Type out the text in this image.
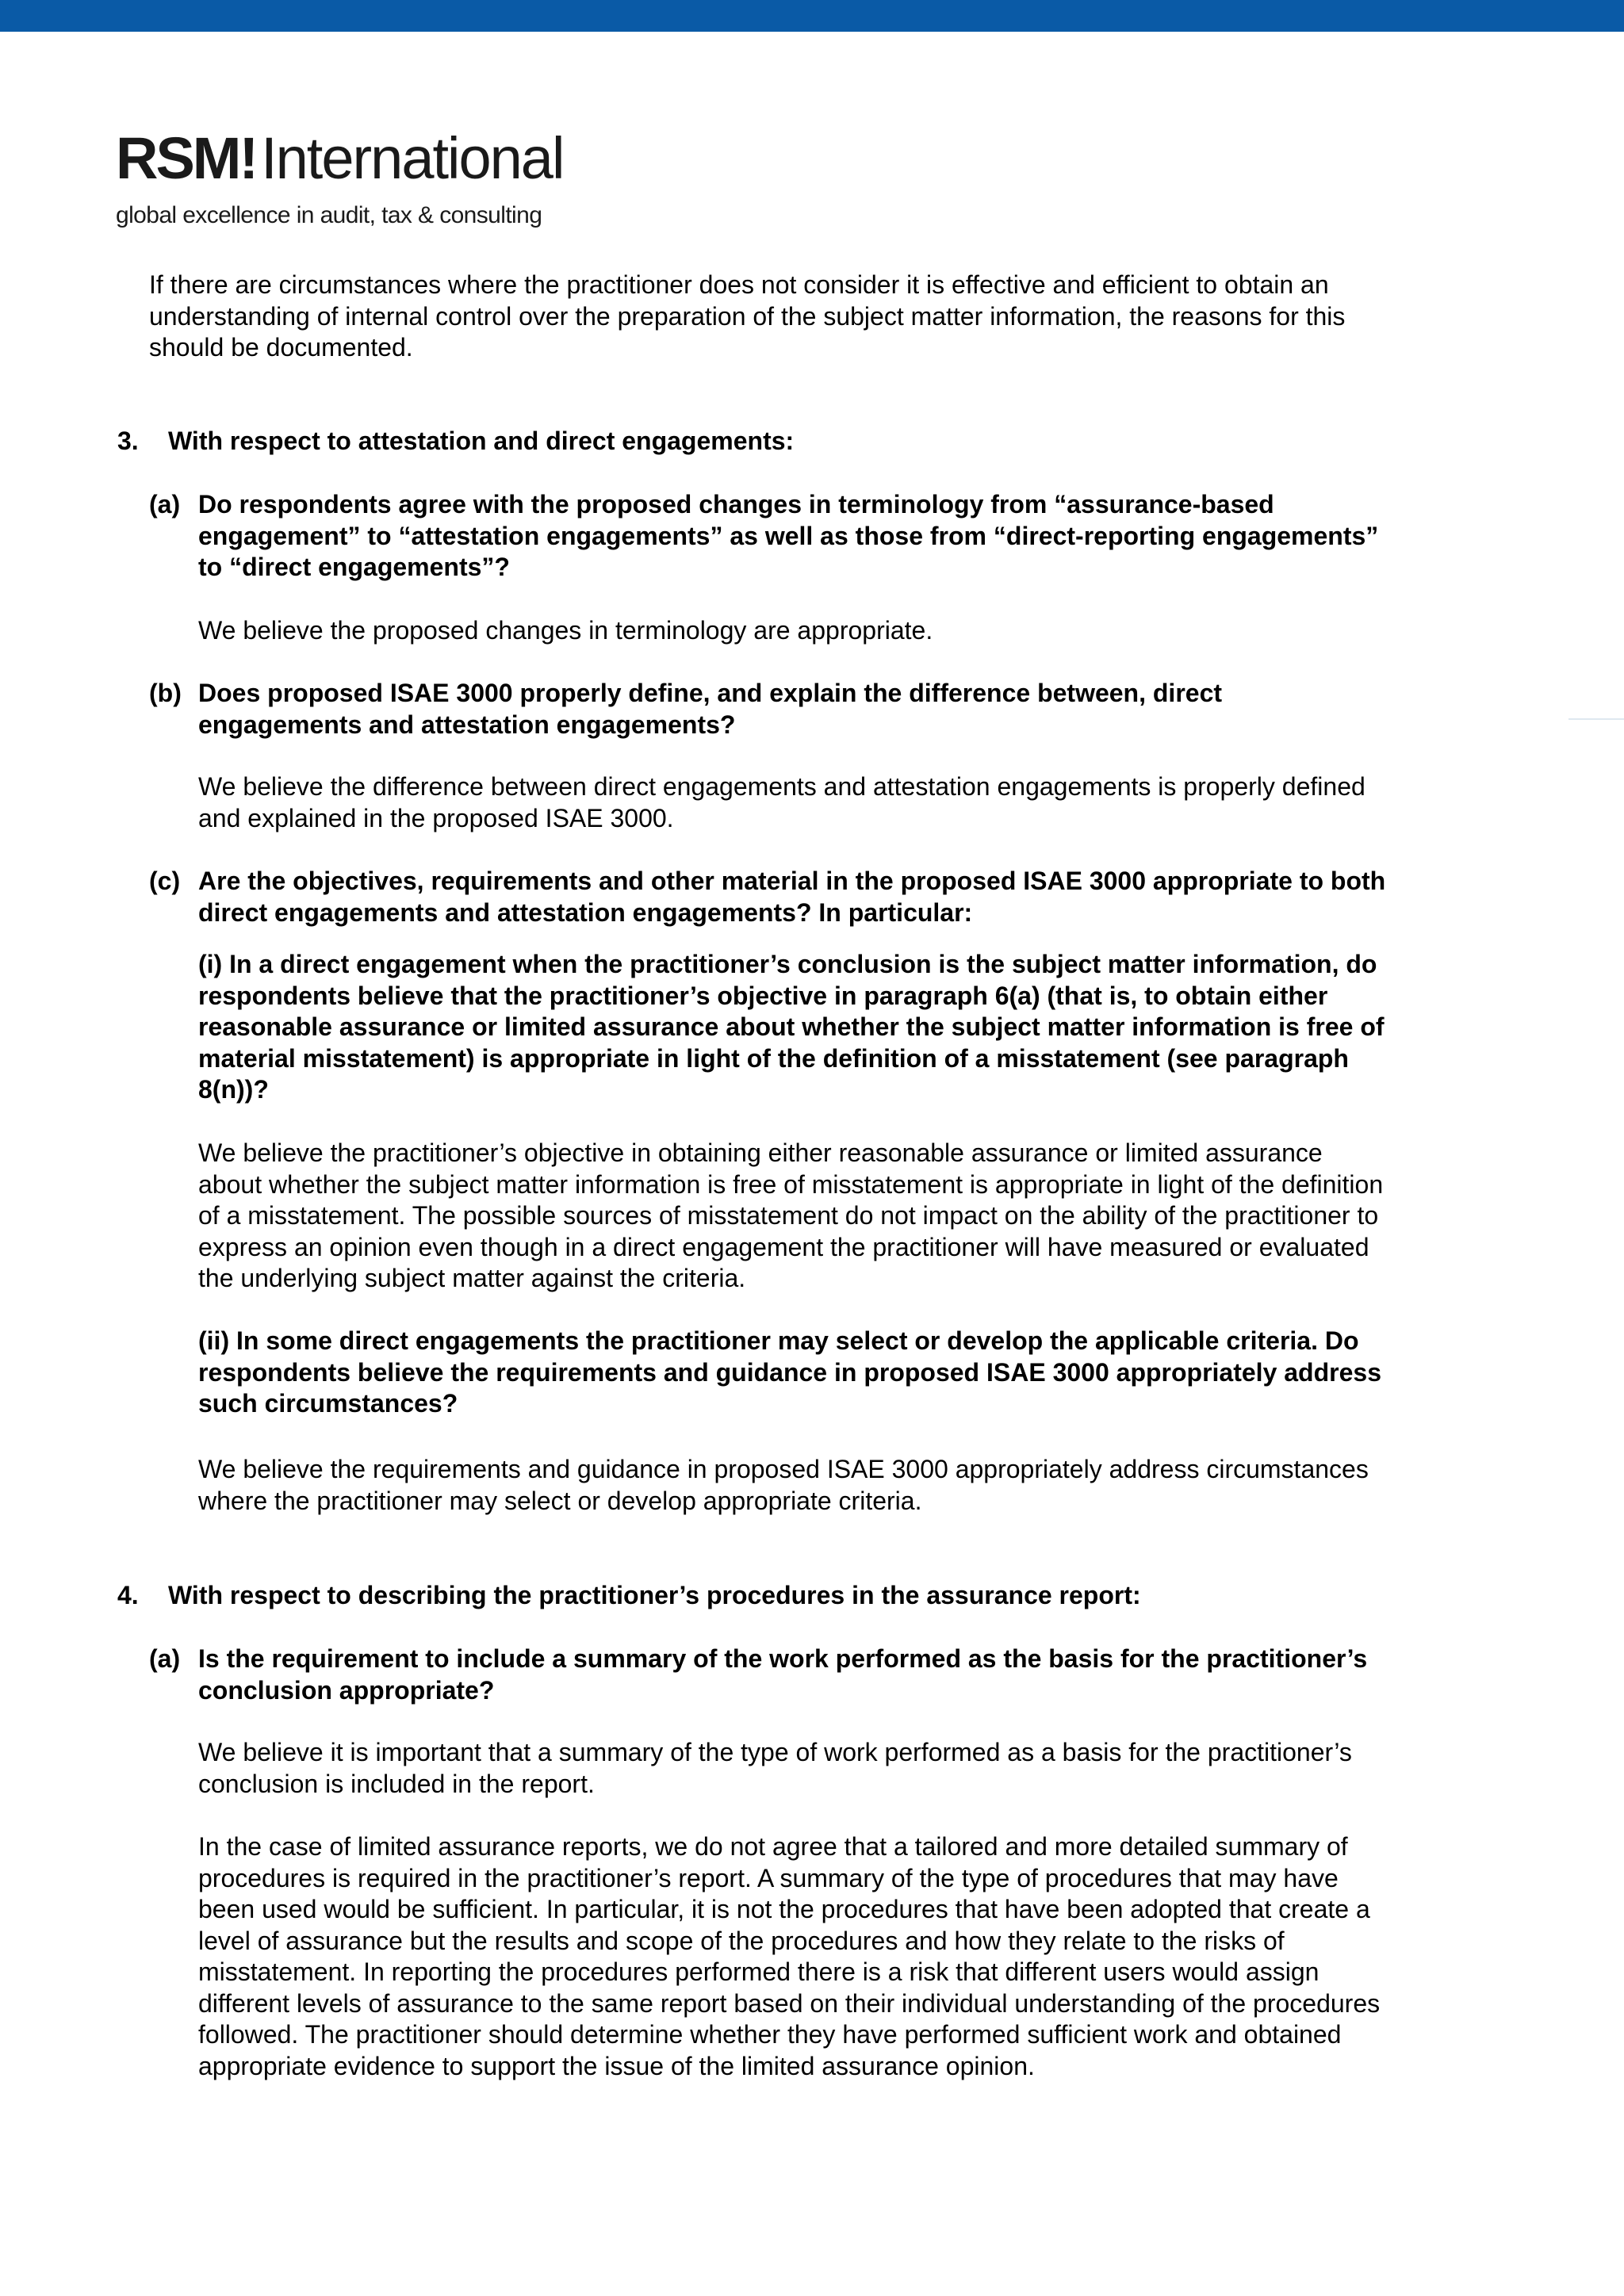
RSM!International
global excellence in audit, tax & consulting

If there are circumstances where the practitioner does not consider it is effective and efficient to obtain an understanding of internal control over the preparation of the subject matter information, the reasons for this should be documented.

3. With respect to attestation and direct engagements:

(a) Do respondents agree with the proposed changes in terminology from “assurance-based engagement” to “attestation engagements” as well as those from “direct-reporting engagements” to “direct engagements”?

We believe the proposed changes in terminology are appropriate.

(b) Does proposed ISAE 3000 properly define, and explain the difference between, direct engagements and attestation engagements?

We believe the difference between direct engagements and attestation engagements is properly defined and explained in the proposed ISAE 3000.

(c) Are the objectives, requirements and other material in the proposed ISAE 3000 appropriate to both direct engagements and attestation engagements? In particular:

(i) In a direct engagement when the practitioner’s conclusion is the subject matter information, do respondents believe that the practitioner’s objective in paragraph 6(a) (that is, to obtain either reasonable assurance or limited assurance about whether the subject matter information is free of material misstatement) is appropriate in light of the definition of a misstatement (see paragraph 8(n))?

We believe the practitioner’s objective in obtaining either reasonable assurance or limited assurance about whether the subject matter information is free of misstatement is appropriate in light of the definition of a misstatement. The possible sources of misstatement do not impact on the ability of the practitioner to express an opinion even though in a direct engagement the practitioner will have measured or evaluated the underlying subject matter against the criteria.

(ii) In some direct engagements the practitioner may select or develop the applicable criteria. Do respondents believe the requirements and guidance in proposed ISAE 3000 appropriately address such circumstances?

We believe the requirements and guidance in proposed ISAE 3000 appropriately address circumstances where the practitioner may select or develop appropriate criteria.

4. With respect to describing the practitioner’s procedures in the assurance report:

(a) Is the requirement to include a summary of the work performed as the basis for the practitioner’s conclusion appropriate?

We believe it is important that a summary of the type of work performed as a basis for the practitioner’s conclusion is included in the report.

In the case of limited assurance reports, we do not agree that a tailored and more detailed summary of procedures is required in the practitioner’s report. A summary of the type of procedures that may have been used would be sufficient. In particular, it is not the procedures that have been adopted that create a level of assurance but the results and scope of the procedures and how they relate to the risks of misstatement. In reporting the procedures performed there is a risk that different users would assign different levels of assurance to the same report based on their individual understanding of the procedures followed. The practitioner should determine whether they have performed sufficient work and obtained appropriate evidence to support the issue of the limited assurance opinion.
